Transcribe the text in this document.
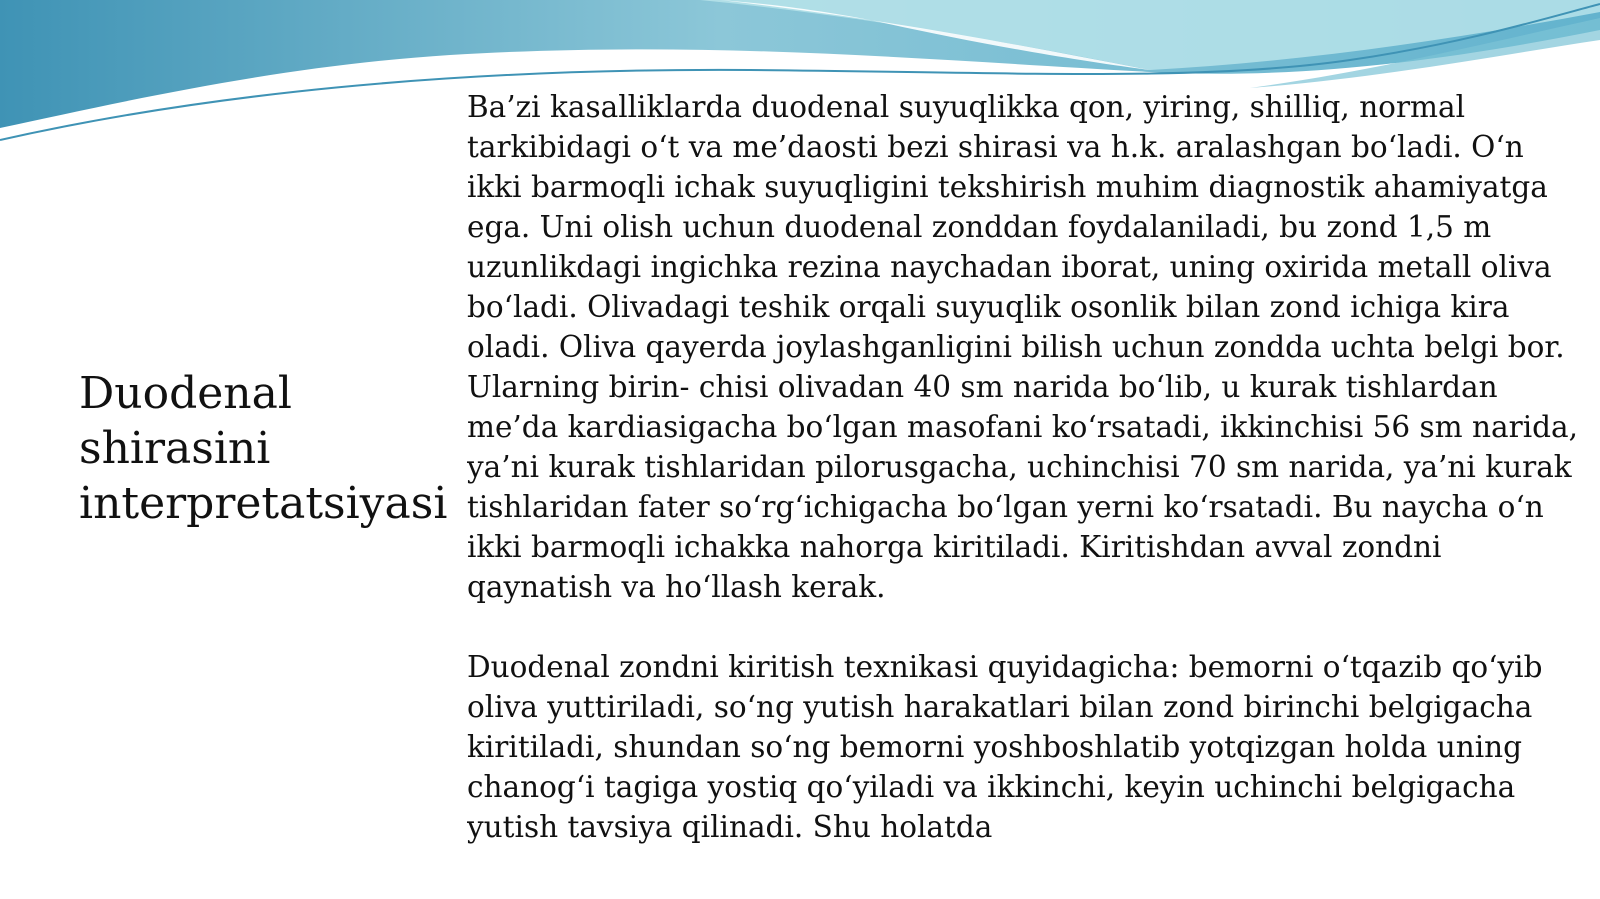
Duodenal shirasini interpretatsiyasi

Ba’zi kasalliklarda duodenal suyuqlikka qon, yiring, shilliq, normal tarkibidagi o‘t va me’daosti bezi shirasi va h.k. aralashgan bo‘ladi. O‘n ikki barmoqli ichak suyuqligini tekshirish muhim diagnostik ahamiyatga ega. Uni olish uchun duodenal zonddan foydalaniladi, bu zond 1,5 m uzunlikdagi ingichka rezina naychadan iborat, uning oxirida metall oliva bo‘ladi. Olivadagi teshik orqali suyuqlik osonlik bilan zond ichiga kira oladi. Oliva qayerda joylashganligini bilish uchun zondda uchta belgi bor. Ularning birin- chisi olivadan 40 sm narida bo‘lib, u kurak tishlardan me’da kardiasigacha bo‘lgan masofani ko‘rsatadi, ikkinchisi 56 sm narida, ya’ni kurak tishlaridan pilorusgacha, uchinchisi 70 sm narida, ya’ni kurak tishlaridan fater so‘rg‘ichigacha bo‘lgan yerni ko‘rsatadi. Bu naycha o‘n ikki barmoqli ichakka nahorga kiritiladi. Kiritishdan avval zondni qaynatish va ho‘llash kerak.

Duodenal zondni kiritish texnikasi quyidagicha: bemorni o‘tqazib qo‘yib oliva yuttiriladi, so‘ng yutish harakatlari bilan zond birinchi belgigacha kiritiladi, shundan so‘ng bemorni yoshboshlatib yotqizgan holda uning chanog‘i tagiga yostiq qo‘yiladi va ikkinchi, keyin uchinchi belgigacha yutish tavsiya qilinadi. Shu holatda
